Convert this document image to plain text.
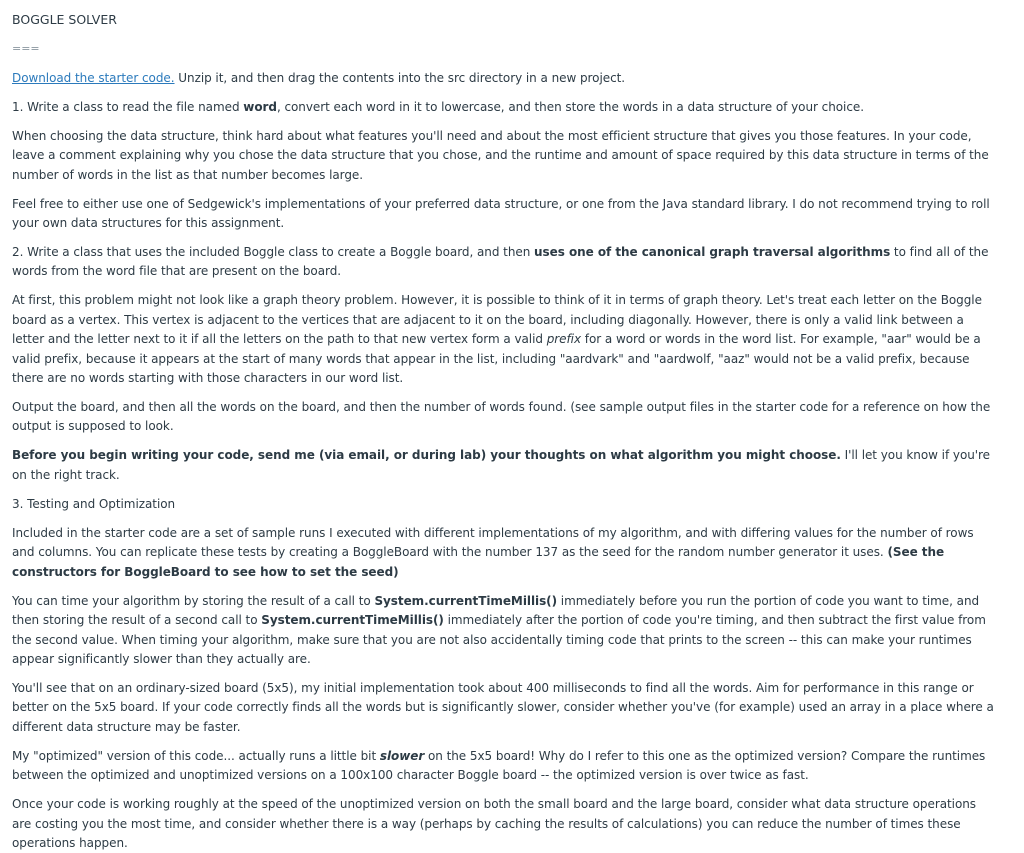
BOGGLE SOLVER
===

Download the starter code. Unzip it, and then drag the contents into the src directory in a new project.

1. Write a class to read the file named word, convert each word in it to lowercase, and then store the words in a data structure of your choice.

When choosing the data structure, think hard about what features you'll need and about the most efficient structure that gives you those features. In your code, leave a comment explaining why you chose the data structure that you chose, and the runtime and amount of space required by this data structure in terms of the number of words in the list as that number becomes large.

Feel free to either use one of Sedgewick's implementations of your preferred data structure, or one from the Java standard library. I do not recommend trying to roll your own data structures for this assignment.

2. Write a class that uses the included Boggle class to create a Boggle board, and then uses one of the canonical graph traversal algorithms to find all of the words from the word file that are present on the board.

At first, this problem might not look like a graph theory problem. However, it is possible to think of it in terms of graph theory. Let's treat each letter on the Boggle board as a vertex. This vertex is adjacent to the vertices that are adjacent to it on the board, including diagonally. However, there is only a valid link between a letter and the letter next to it if all the letters on the path to that new vertex form a valid prefix for a word or words in the word list. For example, "aar" would be a valid prefix, because it appears at the start of many words that appear in the list, including "aardvark" and "aardwolf, "aaz" would not be a valid prefix, because there are no words starting with those characters in our word list.

Output the board, and then all the words on the board, and then the number of words found. (see sample output files in the starter code for a reference on how the output is supposed to look.

Before you begin writing your code, send me (via email, or during lab) your thoughts on what algorithm you might choose. I'll let you know if you're on the right track.

3. Testing and Optimization

Included in the starter code are a set of sample runs I executed with different implementations of my algorithm, and with differing values for the number of rows and columns. You can replicate these tests by creating a BoggleBoard with the number 137 as the seed for the random number generator it uses. (See the constructors for BoggleBoard to see how to set the seed)

You can time your algorithm by storing the result of a call to System.currentTimeMillis() immediately before you run the portion of code you want to time, and then storing the result of a second call to System.currentTimeMillis() immediately after the portion of code you're timing, and then subtract the first value from the second value. When timing your algorithm, make sure that you are not also accidentally timing code that prints to the screen -- this can make your runtimes appear significantly slower than they actually are.

You'll see that on an ordinary-sized board (5x5), my initial implementation took about 400 milliseconds to find all the words. Aim for performance in this range or better on the 5x5 board. If your code correctly finds all the words but is significantly slower, consider whether you've (for example) used an array in a place where a different data structure may be faster.

My "optimized" version of this code... actually runs a little bit slower on the 5x5 board! Why do I refer to this one as the optimized version? Compare the runtimes between the optimized and unoptimized versions on a 100x100 character Boggle board -- the optimized version is over twice as fast.

Once your code is working roughly at the speed of the unoptimized version on both the small board and the large board, consider what data structure operations are costing you the most time, and consider whether there is a way (perhaps by caching the results of calculations) you can reduce the number of times these operations happen.
